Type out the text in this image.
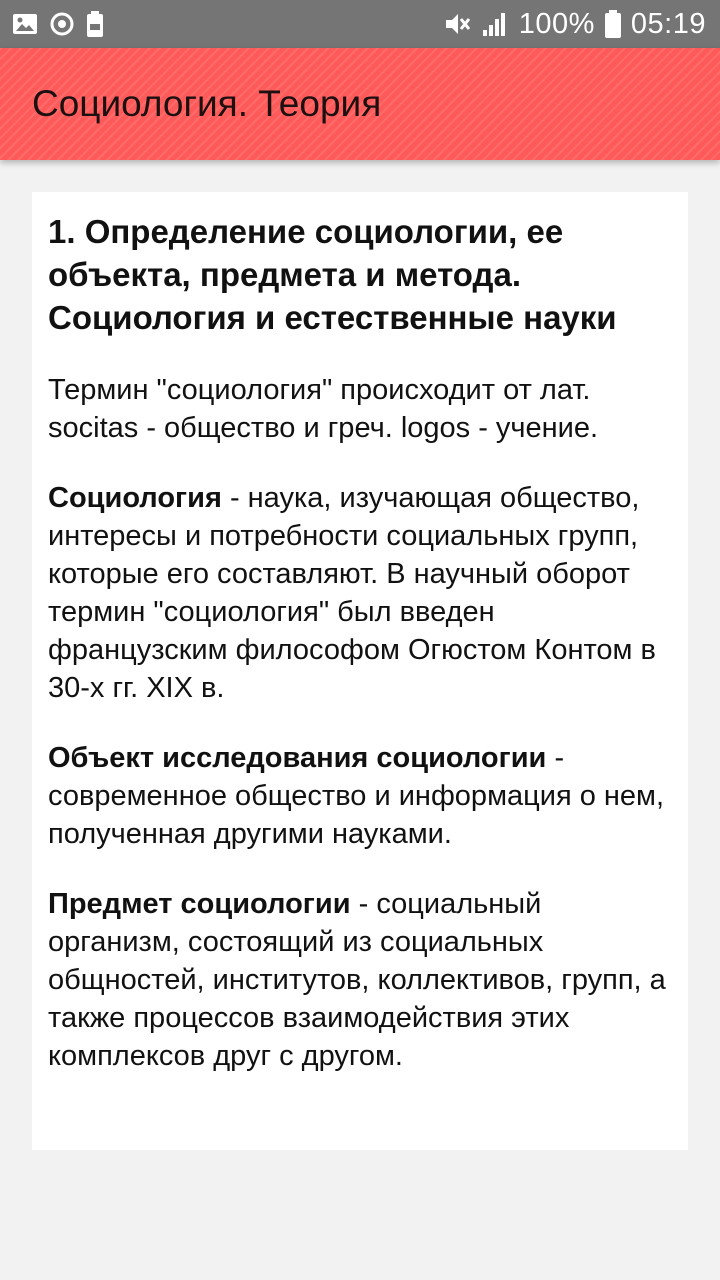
100% 05:19
Социология. Теория
1. Определение социологии, ее объекта, предмета и метода. Социология и естественные науки

Термин "социология" происходит от лат. socitas - общество и греч. logos - учение.

Социология - наука, изучающая общество, интересы и потребности социальных групп, которые его составляют. В научный оборот термин "социология" был введен французским философом Огюстом Контом в 30-х гг. XIX в.

Объект исследования социологии - современное общество и информация о нем, полученная другими науками.

Предмет социологии - социальный организм, состоящий из социальных общностей, институтов, коллективов, групп, а также процессов взаимодействия этих комплексов друг с другом.
